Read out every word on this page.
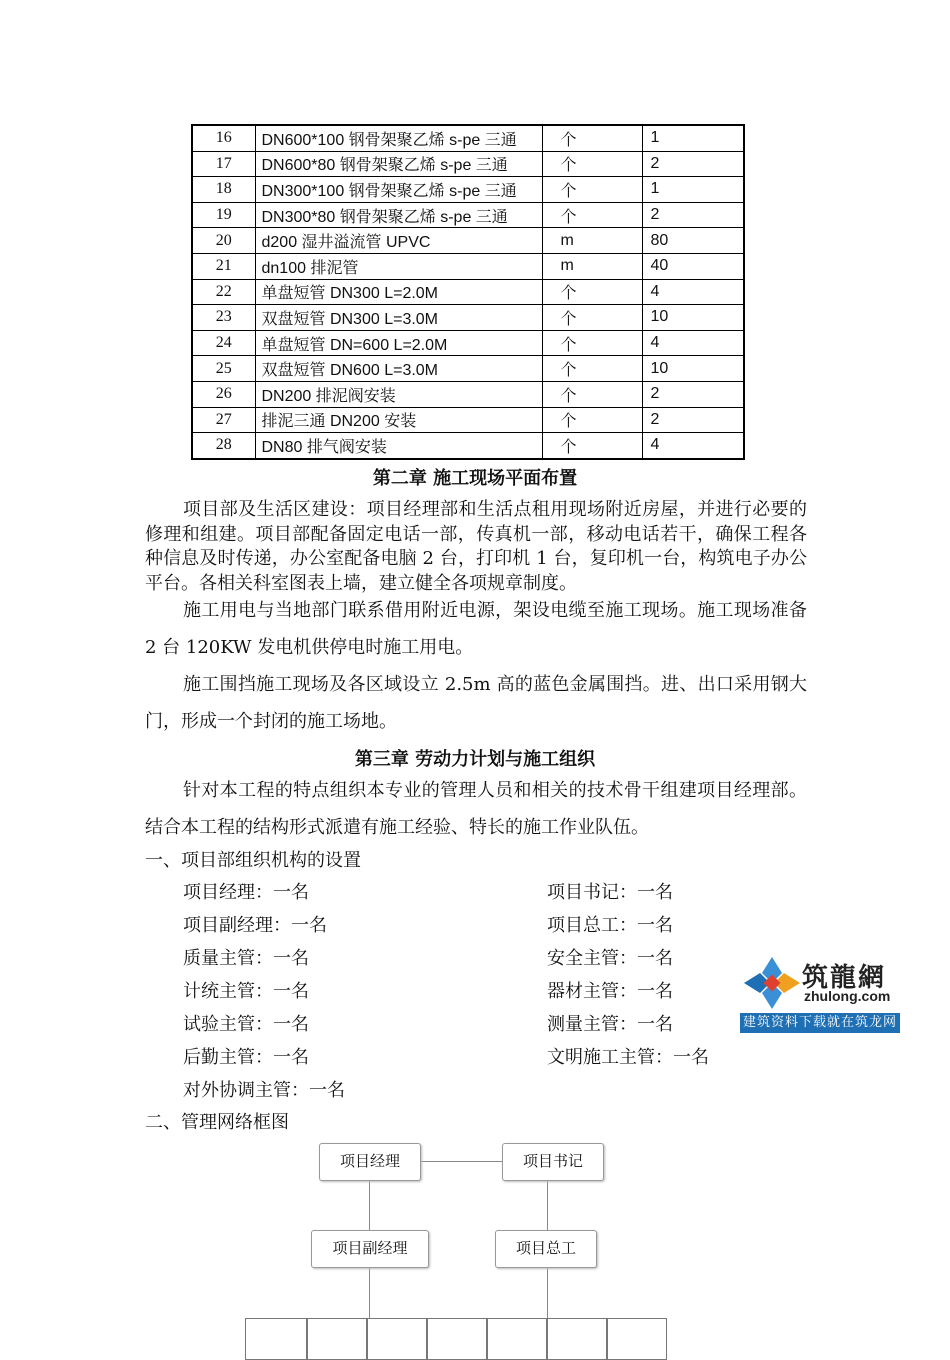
16	DN600*100 钢骨架聚乙烯 s-pe 三通	个	1
17	DN600*80 钢骨架聚乙烯 s-pe 三通	个	2
18	DN300*100 钢骨架聚乙烯 s-pe 三通	个	1
19	DN300*80 钢骨架聚乙烯 s-pe 三通	个	2
20	d200 湿井溢流管 UPVC	m	80
21	dn100 排泥管	m	40
22	单盘短管 DN300 L=2.0M	个	4
23	双盘短管 DN300 L=3.0M	个	10
24	单盘短管 DN=600 L=2.0M	个	4
25	双盘短管 DN600 L=3.0M	个	10
26	DN200 排泥阀安装	个	2
27	排泥三通 DN200 安装	个	2
28	DN80 排气阀安装	个	4
第二章 施工现场平面布置
项目部及生活区建设：项目经理部和生活点租用现场附近房屋，并进行必要的修理和组建。项目部配备固定电话一部，传真机一部，移动电话若干，确保工程各种信息及时传递，办公室配备电脑 2 台，打印机 1 台，复印机一台，构筑电子办公平台。各相关科室图表上墙，建立健全各项规章制度。
施工用电与当地部门联系借用附近电源，架设电缆至施工现场。施工现场准备 2 台 120KW 发电机供停电时施工用电。
施工围挡施工现场及各区域设立 2.5m 高的蓝色金属围挡。进、出口采用钢大门，形成一个封闭的施工场地。
第三章 劳动力计划与施工组织
针对本工程的特点组织本专业的管理人员和相关的技术骨干组建项目经理部。结合本工程的结构形式派遣有施工经验、特长的施工作业队伍。
一、项目部组织机构的设置
项目经理：一名
项目副经理：一名
质量主管：一名
计统主管：一名
试验主管：一名
后勤主管：一名
对外协调主管：一名
项目书记：一名
项目总工：一名
安全主管：一名
器材主管：一名
测量主管：一名
文明施工主管：一名
二、管理网络框图
筑龍網
zhulong.com
建筑资料下载就在筑龙网
项目经理	项目书记
项目副经理	项目总工
